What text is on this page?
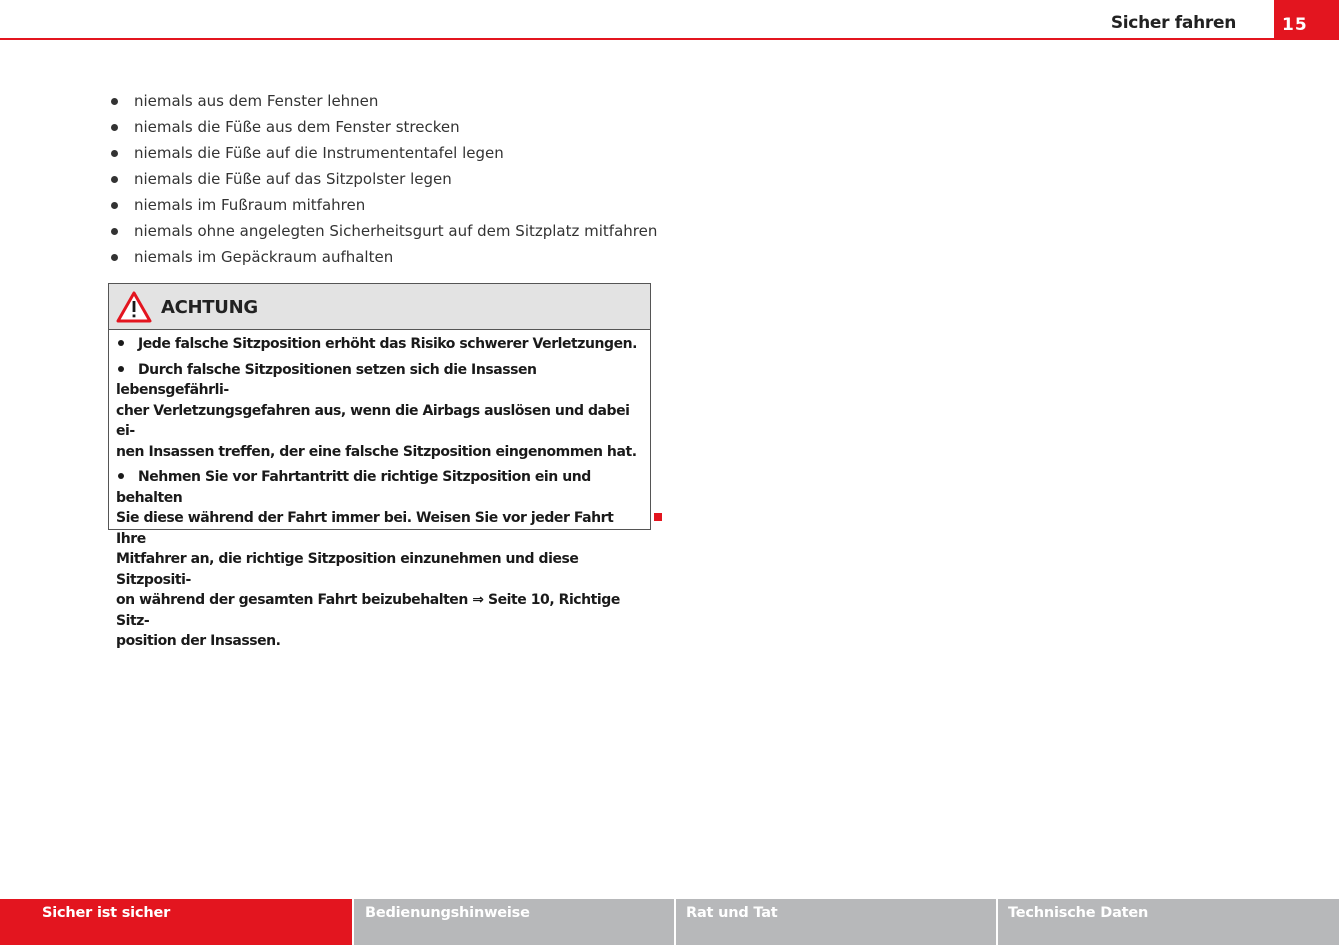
Sicher fahren	15
niemals aus dem Fenster lehnen
niemals die Füße aus dem Fenster strecken
niemals die Füße auf die Instrumententafel legen
niemals die Füße auf das Sitzpolster legen
niemals im Fußraum mitfahren
niemals ohne angelegten Sicherheitsgurt auf dem Sitzplatz mitfahren
niemals im Gepäckraum aufhalten
ACHTUNG

Jede falsche Sitzposition erhöht das Risiko schwerer Verletzungen.

Durch falsche Sitzpositionen setzen sich die Insassen lebensgefährli-
cher Verletzungsgefahren aus, wenn die Airbags auslösen und dabei ei-
nen Insassen treffen, der eine falsche Sitzposition eingenommen hat.

Nehmen Sie vor Fahrtantritt die richtige Sitzposition ein und behalten
Sie diese während der Fahrt immer bei. Weisen Sie vor jeder Fahrt Ihre
Mitfahrer an, die richtige Sitzposition einzunehmen und diese Sitzpositi-
on während der gesamten Fahrt beizubehalten ⇒ Seite 10, Richtige Sitz-
position der Insassen.

Sicher ist sicher	Bedienungshinweise	Rat und Tat	Technische Daten
